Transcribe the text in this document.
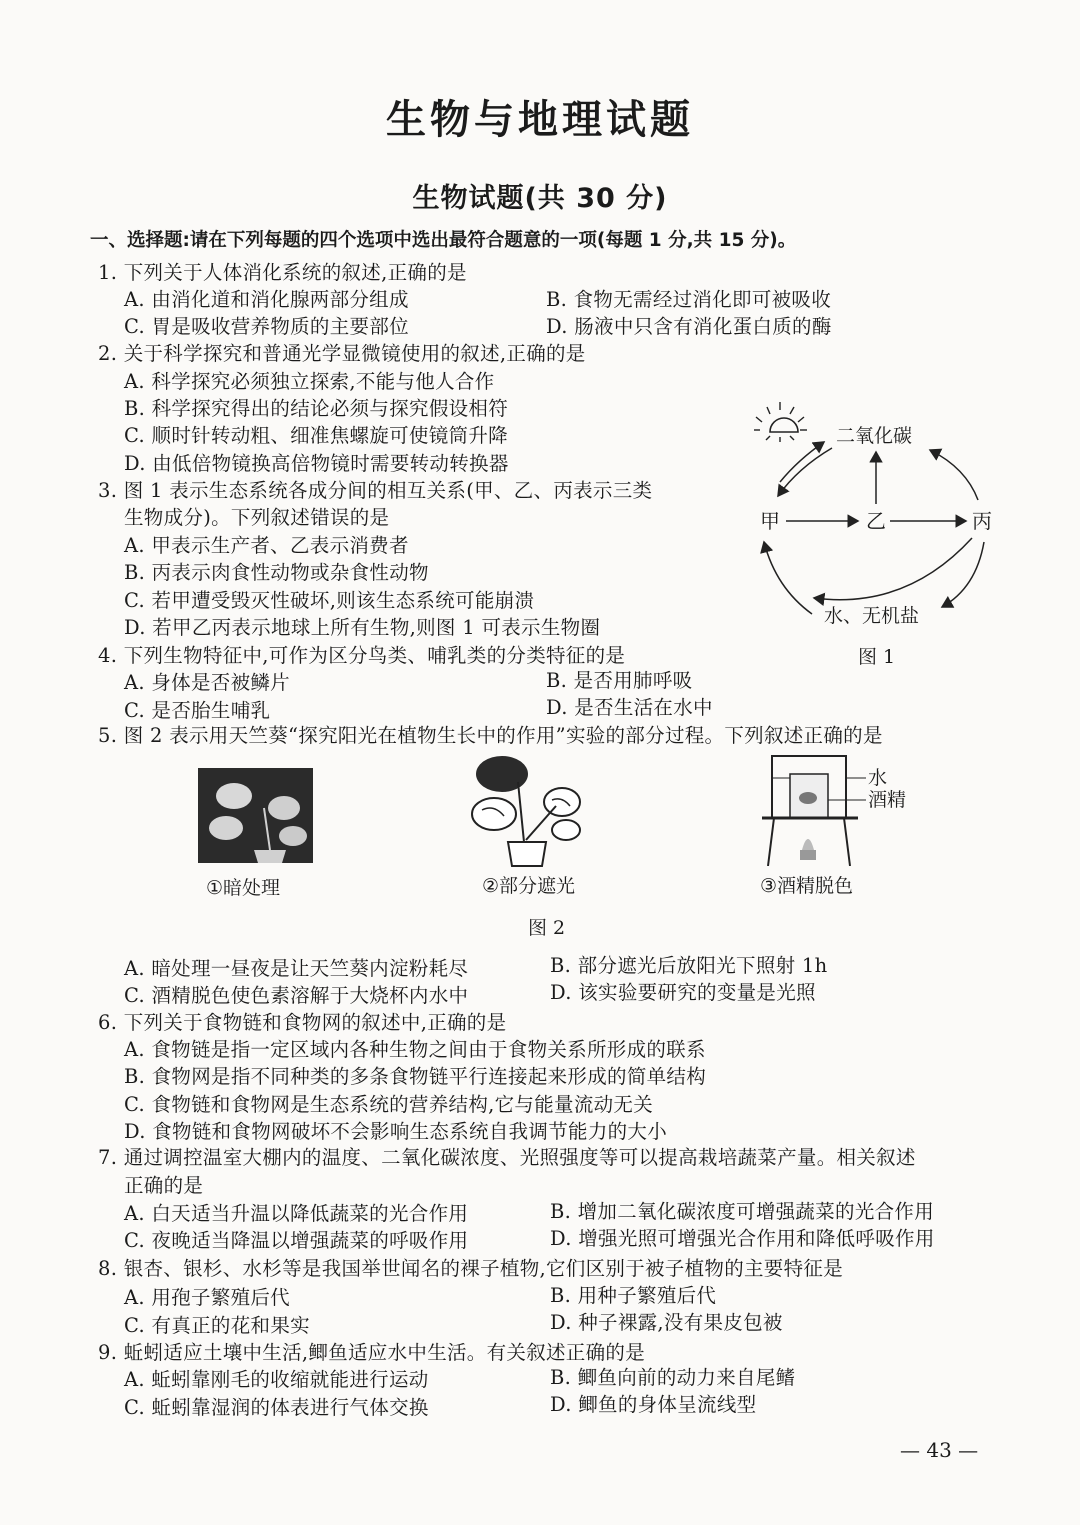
生物与地理试题
生物试题(共 30 分)
一、选择题:请在下列每题的四个选项中选出最符合题意的一项(每题 1 分,共 15 分)。
1. 下列关于人体消化系统的叙述,正确的是
A. 由消化道和消化腺两部分组成	B. 食物无需经过消化即可被吸收
C. 胃是吸收营养物质的主要部位	D. 肠液中只含有消化蛋白质的酶
2. 关于科学探究和普通光学显微镜使用的叙述,正确的是
A. 科学探究必须独立探索,不能与他人合作
B. 科学探究得出的结论必须与探究假设相符
C. 顺时针转动粗、细准焦螺旋可使镜筒升降
D. 由低倍物镜换高倍物镜时需要转动转换器
3. 图 1 表示生态系统各成分间的相互关系(甲、乙、丙表示三类
生物成分)。下列叙述错误的是
A. 甲表示生产者、乙表示消费者
B. 丙表示肉食性动物或杂食性动物
C. 若甲遭受毁灭性破坏,则该生态系统可能崩溃
D. 若甲乙丙表示地球上所有生物,则图 1 可表示生物圈
二氧化碳
甲	乙	丙
水、无机盐
图 1
4. 下列生物特征中,可作为区分鸟类、哺乳类的分类特征的是
A. 身体是否被鳞片	B. 是否用肺呼吸
C. 是否胎生哺乳	D. 是否生活在水中
5. 图 2 表示用天竺葵“探究阳光在植物生长中的作用”实验的部分过程。下列叙述正确的是
水
酒精
①暗处理	②部分遮光	③酒精脱色
图 2
A. 暗处理一昼夜是让天竺葵内淀粉耗尽	B. 部分遮光后放阳光下照射 1h
C. 酒精脱色使色素溶解于大烧杯内水中	D. 该实验要研究的变量是光照
6. 下列关于食物链和食物网的叙述中,正确的是
A. 食物链是指一定区域内各种生物之间由于食物关系所形成的联系
B. 食物网是指不同种类的多条食物链平行连接起来形成的简单结构
C. 食物链和食物网是生态系统的营养结构,它与能量流动无关
D. 食物链和食物网破坏不会影响生态系统自我调节能力的大小
7. 通过调控温室大棚内的温度、二氧化碳浓度、光照强度等可以提高栽培蔬菜产量。相关叙述
正确的是
A. 白天适当升温以降低蔬菜的光合作用	B. 增加二氧化碳浓度可增强蔬菜的光合作用
C. 夜晚适当降温以增强蔬菜的呼吸作用	D. 增强光照可增强光合作用和降低呼吸作用
8. 银杏、银杉、水杉等是我国举世闻名的裸子植物,它们区别于被子植物的主要特征是
A. 用孢子繁殖后代	B. 用种子繁殖后代
C. 有真正的花和果实	D. 种子裸露,没有果皮包被
9. 蚯蚓适应土壤中生活,鲫鱼适应水中生活。有关叙述正确的是
A. 蚯蚓靠刚毛的收缩就能进行运动	B. 鲫鱼向前的动力来自尾鳍
C. 蚯蚓靠湿润的体表进行气体交换	D. 鲫鱼的身体呈流线型
— 43 —
